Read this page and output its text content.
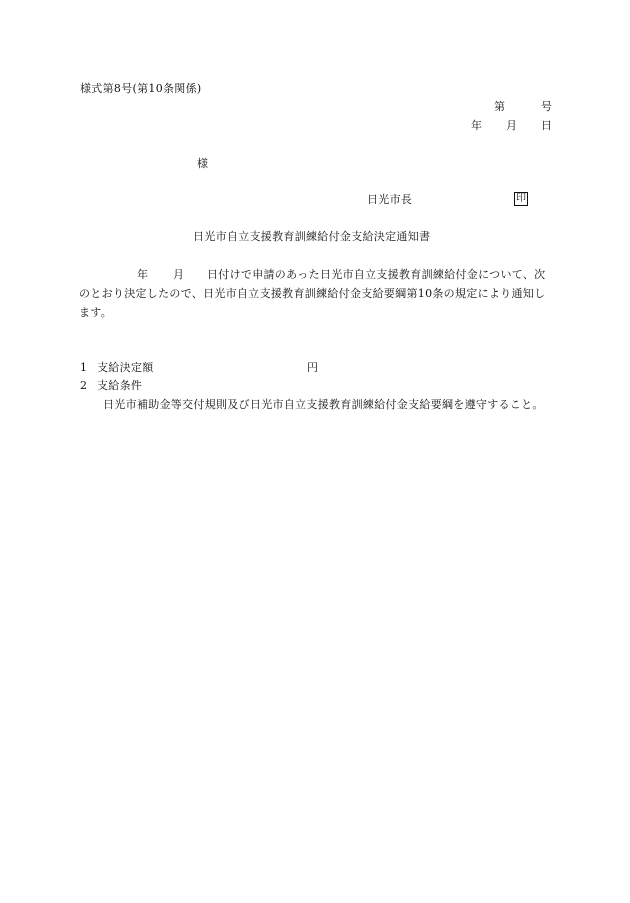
様式第8号(第10条関係)
第	号
年 月 日
様
日光市長	印
日光市自立支援教育訓練給付金支給決定通知書
年 月 日付けで申請のあった日光市自立支援教育訓練給付金について、次
のとおり決定したので、日光市自立支援教育訓練給付金支給要綱第10条の規定により通知し
ます。
1 支給決定額	円
2 支給条件
日光市補助金等交付規則及び日光市自立支援教育訓練給付金支給要綱を遵守すること。
